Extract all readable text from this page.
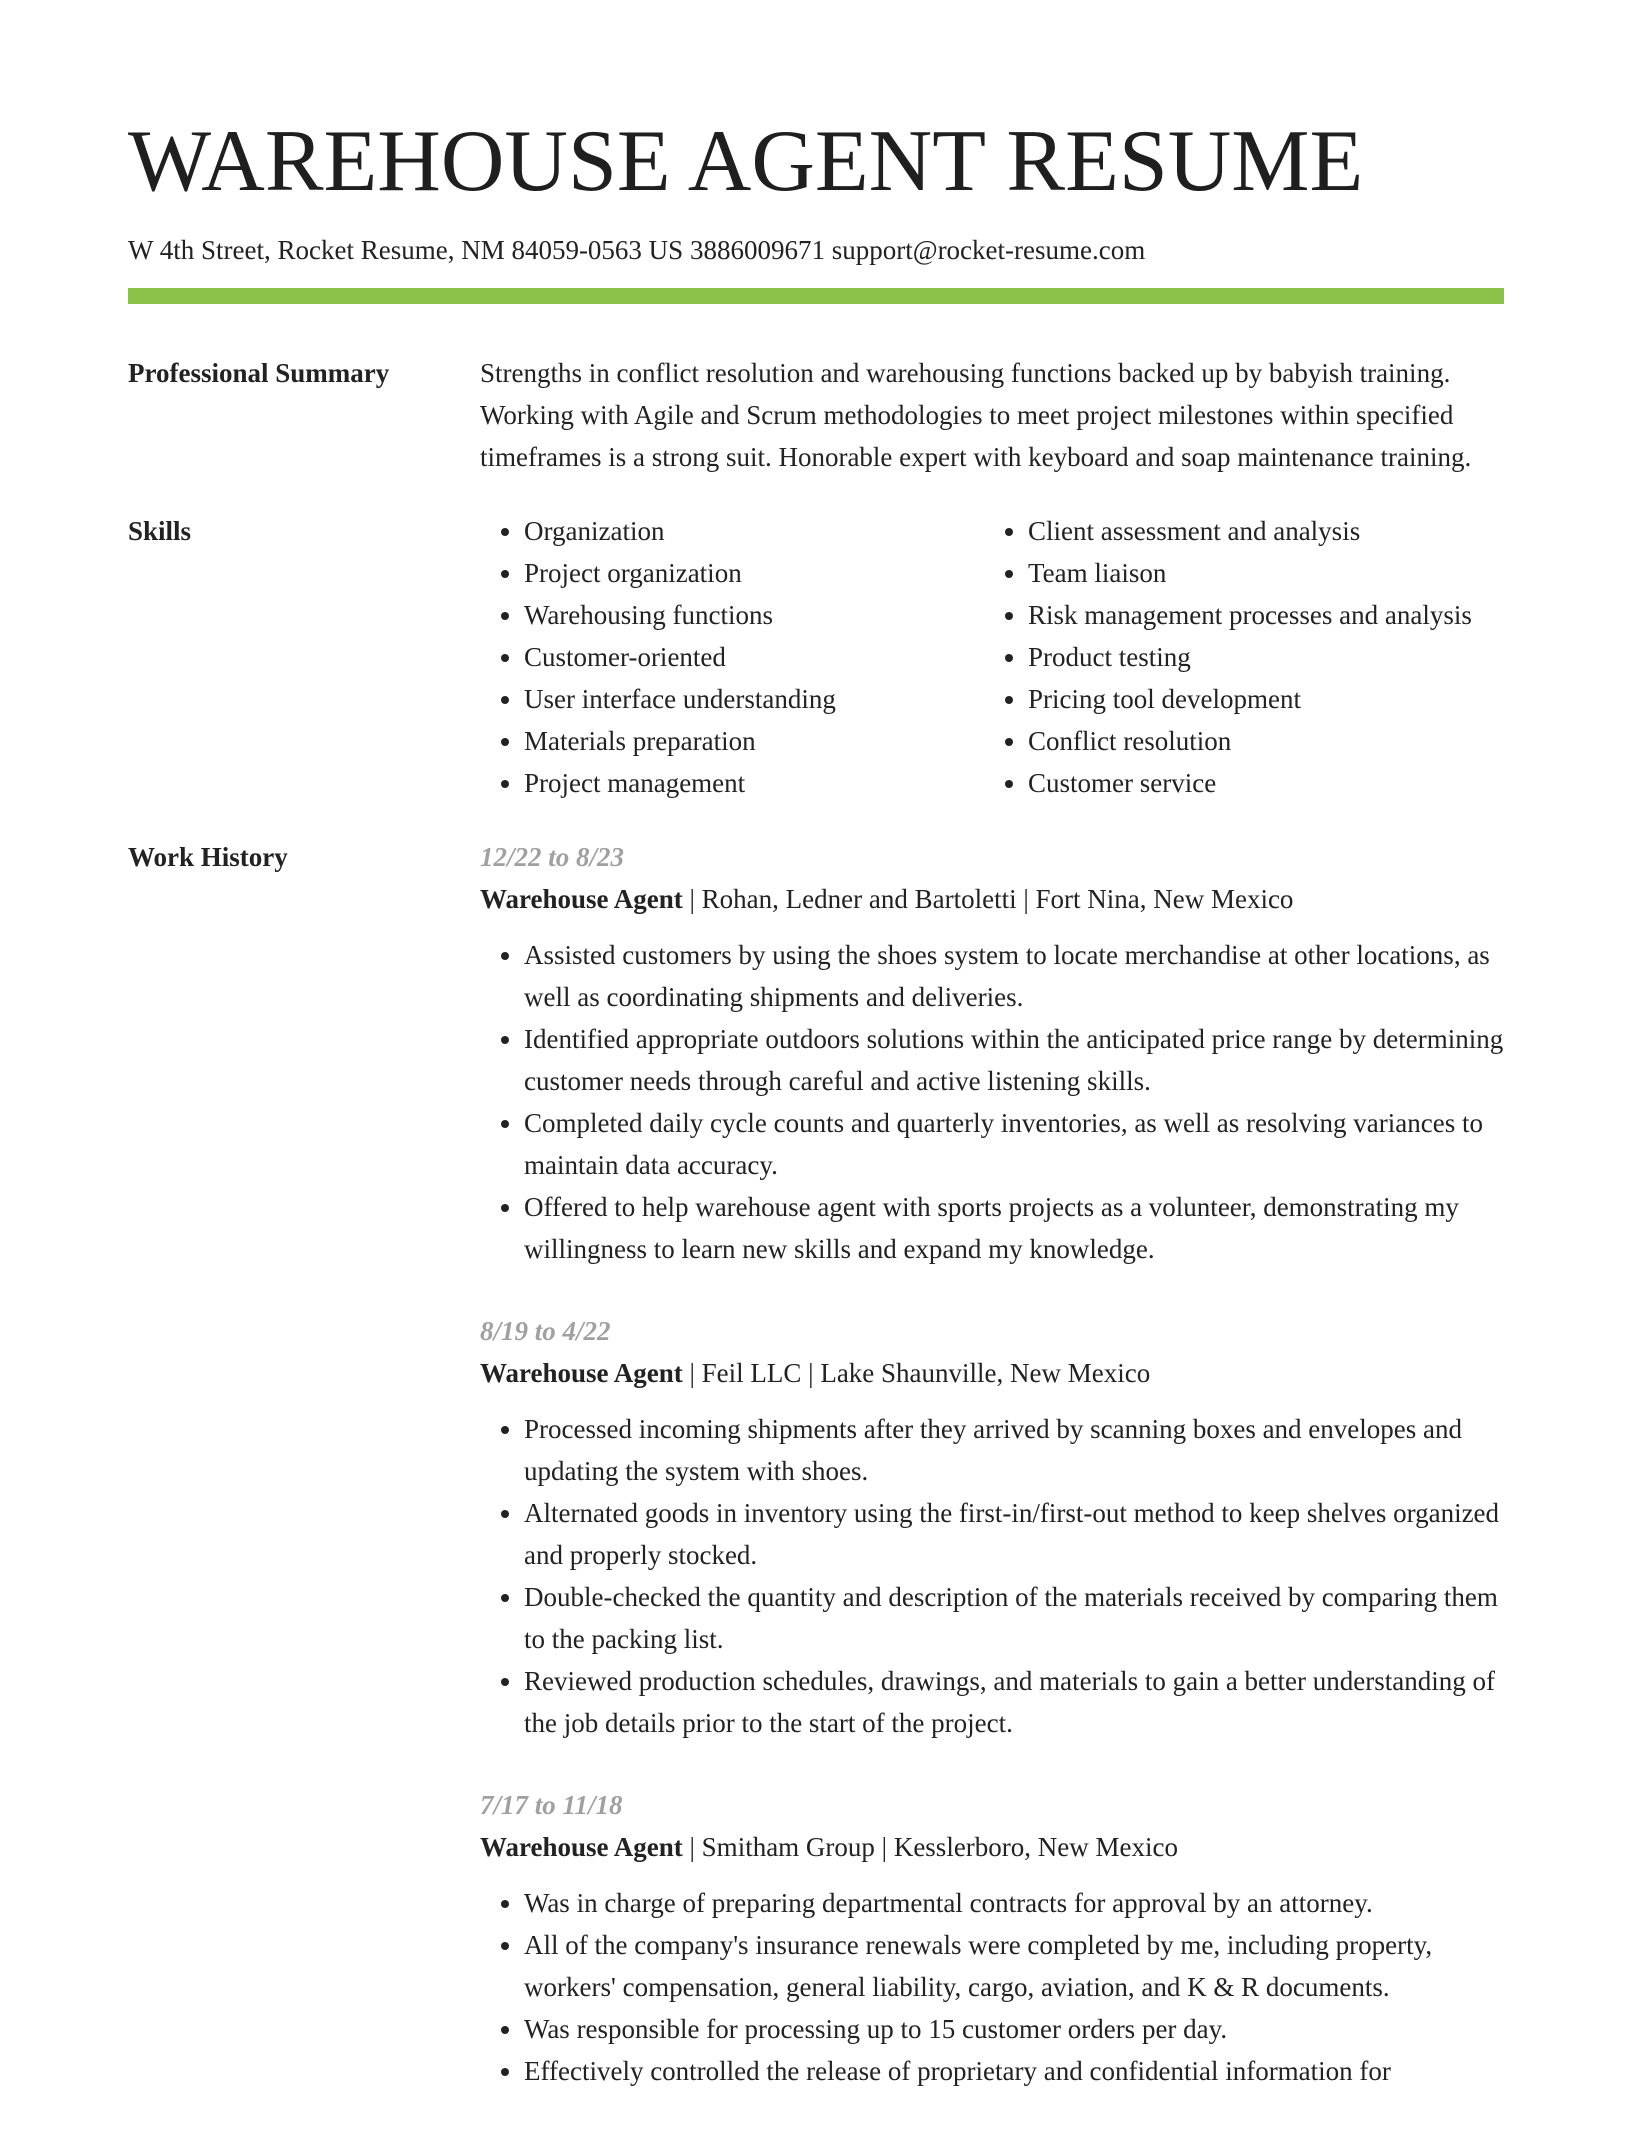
WAREHOUSE AGENT RESUME
W 4th Street, Rocket Resume, NM 84059-0563 US 3886009671 support@rocket-resume.com
Professional Summary	Strengths in conflict resolution and warehousing functions backed up by babyish training. Working with Agile and Scrum methodologies to meet project milestones within specified timeframes is a strong suit. Honorable expert with keyboard and soap maintenance training.

Skills
•	Organization
• Project organization
• Warehousing functions
• Customer-oriented
• User interface understanding
• Materials preparation
• Project management
• Client assessment and analysis
• Team liaison
• Risk management processes and analysis
• Product testing
• Pricing tool development
• Conflict resolution
• Customer service
Work History	12/22 to 8/23
Warehouse Agent | Rohan, Ledner and Bartoletti | Fort Nina, New Mexico
• Assisted customers by using the shoes system to locate merchandise at other locations, as well as coordinating shipments and deliveries.
• Identified appropriate outdoors solutions within the anticipated price range by determining customer needs through careful and active listening skills.
• Completed daily cycle counts and quarterly inventories, as well as resolving variances to maintain data accuracy.
• Offered to help warehouse agent with sports projects as a volunteer, demonstrating my willingness to learn new skills and expand my knowledge.
8/19 to 4/22
Warehouse Agent | Feil LLC | Lake Shaunville, New Mexico
• Processed incoming shipments after they arrived by scanning boxes and envelopes and updating the system with shoes.
• Alternated goods in inventory using the first-in/first-out method to keep shelves organized and properly stocked.
• Double-checked the quantity and description of the materials received by comparing them to the packing list.
• Reviewed production schedules, drawings, and materials to gain a better understanding of the job details prior to the start of the project.
7/17 to 11/18
Warehouse Agent | Smitham Group | Kesslerboro, New Mexico
• Was in charge of preparing departmental contracts for approval by an attorney.
• All of the company's insurance renewals were completed by me, including property, workers' compensation, general liability, cargo, aviation, and K & R documents.
• Was responsible for processing up to 15 customer orders per day.
• Effectively controlled the release of proprietary and confidential information for
